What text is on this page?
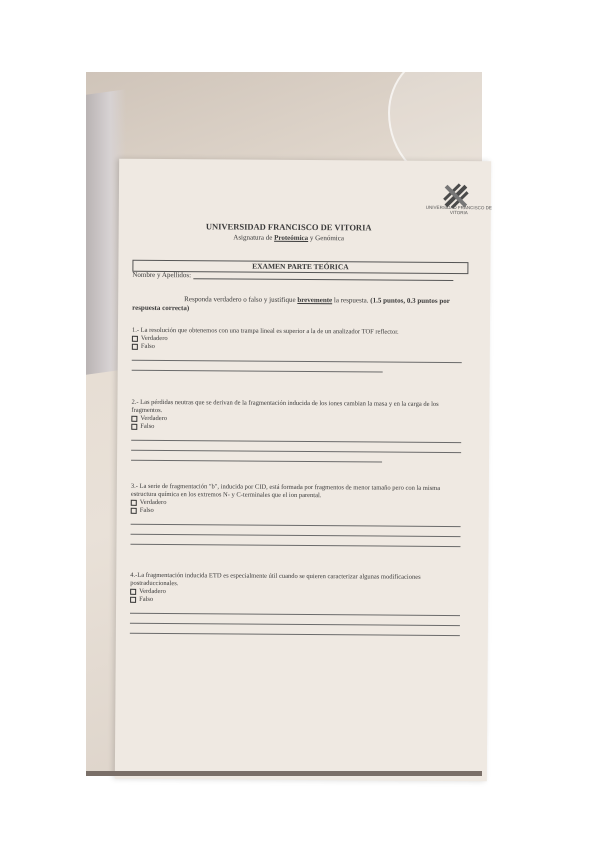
UNIVERSIDAD FRANCISCO DE VITORIA
UNIVERSIDAD FRANCISCO DE VITORIA
Asignatura de Proteómica y Genómica
EXAMEN PARTE TEÓRICA
Nombre y Apellidos:
Responda verdadero o falso y justifique brevemente la respuesta. (1.5 puntos, 0.3 puntos por respuesta correcta)
1.- La resolución que obtenemos con una trampa lineal es superior a la de un analizador TOF reflector.
Verdadero
Falso
2.- Las pérdidas neutras que se derivan de la fragmentación inducida de los iones cambian la masa y en la carga de los fragmentos.
Verdadero
Falso
3.- La serie de fragmentación "b", inducida por CID, está formada por fragmentos de menor tamaño pero con la misma estructura química en los extremos N- y C-terminales que el ion parental.
Verdadero
Falso
4.-La fragmentación inducida ETD es especialmente útil cuando se quieren caracterizar algunas modificaciones postraduccionales.
Verdadero
Falso
